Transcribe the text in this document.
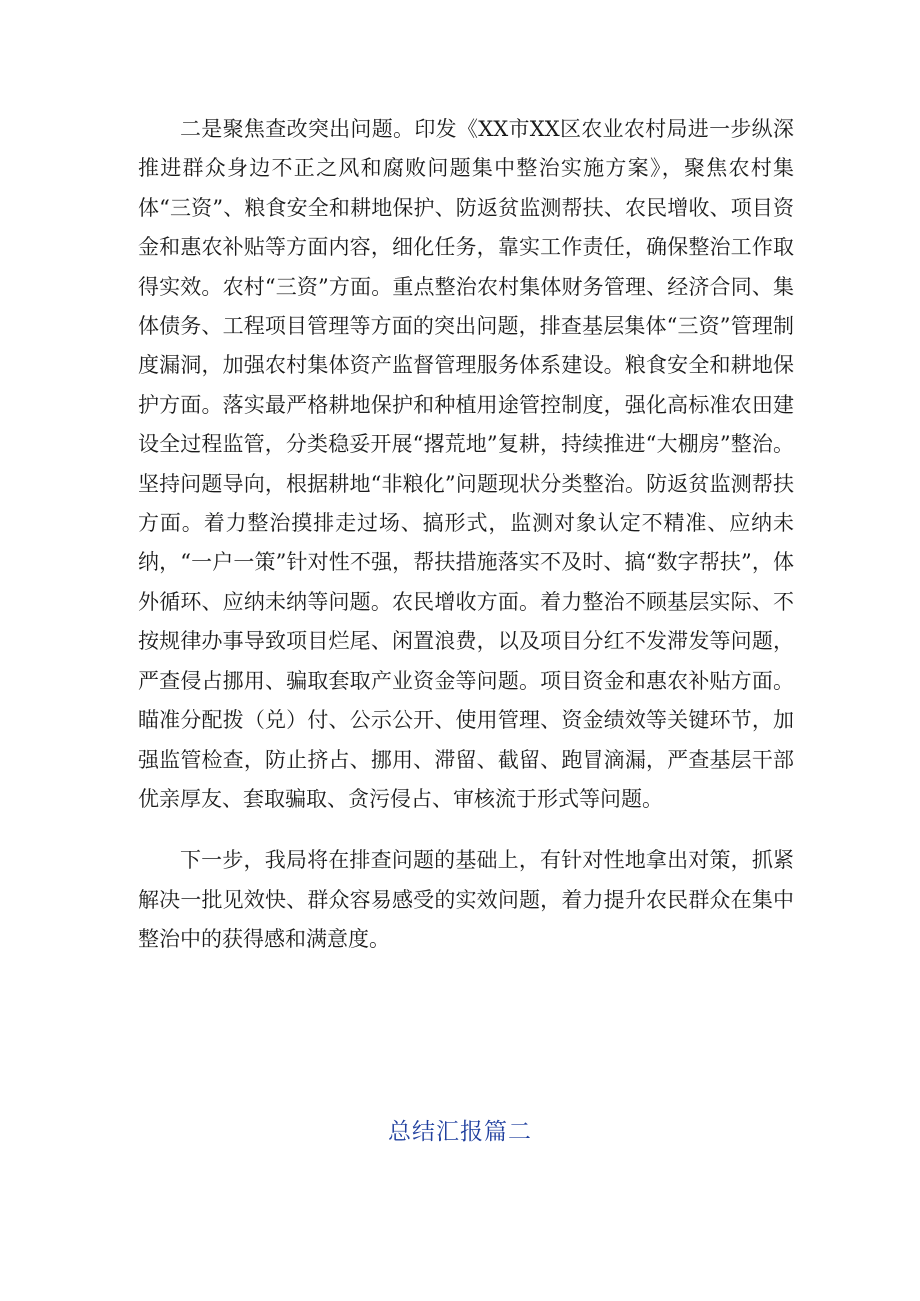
二是聚焦查改突出问题。印发《XX市XX区农业农村局进一步纵深推进群众身边不正之风和腐败问题集中整治实施方案》，聚焦农村集体“三资”、粮食安全和耕地保护、防返贫监测帮扶、农民增收、项目资金和惠农补贴等方面内容，细化任务，靠实工作责任，确保整治工作取得实效。农村“三资”方面。重点整治农村集体财务管理、经济合同、集体债务、工程项目管理等方面的突出问题，排查基层集体“三资”管理制度漏洞，加强农村集体资产监督管理服务体系建设。粮食安全和耕地保护方面。落实最严格耕地保护和种植用途管控制度，强化高标准农田建设全过程监管，分类稳妥开展“撂荒地”复耕，持续推进“大棚房”整治。坚持问题导向，根据耕地“非粮化”问题现状分类整治。防返贫监测帮扶方面。着力整治摸排走过场、搞形式，监测对象认定不精准、应纳未纳，“一户一策”针对性不强，帮扶措施落实不及时、搞“数字帮扶”，体外循环、应纳未纳等问题。农民增收方面。着力整治不顾基层实际、不按规律办事导致项目烂尾、闲置浪费，以及项目分红不发滞发等问题，严查侵占挪用、骗取套取产业资金等问题。项目资金和惠农补贴方面。瞄准分配拨（兑）付、公示公开、使用管理、资金绩效等关键环节，加强监管检查，防止挤占、挪用、滞留、截留、跑冒滴漏，严查基层干部优亲厚友、套取骗取、贪污侵占、审核流于形式等问题。

下一步，我局将在排查问题的基础上，有针对性地拿出对策，抓紧解决一批见效快、群众容易感受的实效问题，着力提升农民群众在集中整治中的获得感和满意度。

总结汇报篇二
